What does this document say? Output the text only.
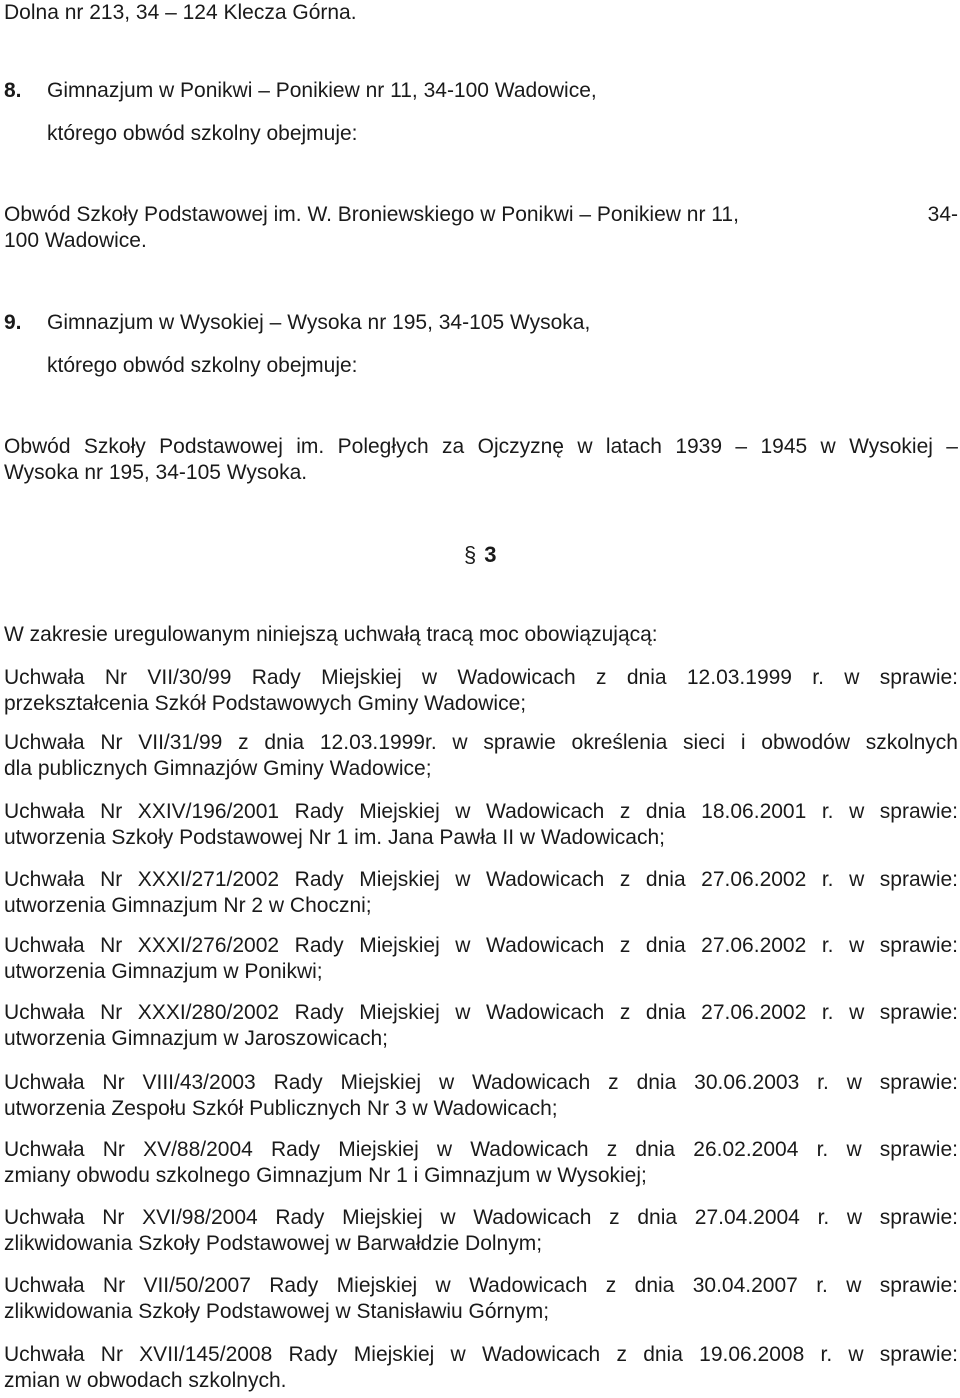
Dolna nr 213, 34 – 124 Klecza Górna.

8. Gimnazjum w Ponikwi – Ponikiew nr 11, 34-100 Wadowice,

którego obwód szkolny obejmuje:

Obwód Szkoły Podstawowej im. W. Broniewskiego w Ponikwi – Ponikiew nr 11,	34-

100 Wadowice.

9. Gimnazjum w Wysokiej – Wysoka nr 195, 34-105 Wysoka,

którego obwód szkolny obejmuje:

Obwód Szkoły Podstawowej im. Poległych za Ojczyznę w latach 1939 – 1945 w Wysokiej –

Wysoka nr 195, 34-105 Wysoka.

§ 3

W zakresie uregulowanym niniejszą uchwałą tracą moc obowiązującą:

Uchwała Nr VII/30/99 Rady Miejskiej w Wadowicach z dnia 12.03.1999 r. w sprawie:

przekształcenia Szkół Podstawowych Gminy Wadowice;

Uchwała Nr VII/31/99 z dnia 12.03.1999r. w sprawie określenia sieci i obwodów szkolnych

dla publicznych Gimnazjów Gminy Wadowice;

Uchwała Nr XXIV/196/2001 Rady Miejskiej w Wadowicach z dnia 18.06.2001 r. w sprawie:

utworzenia Szkoły Podstawowej Nr 1 im. Jana Pawła II w Wadowicach;

Uchwała Nr XXXI/271/2002 Rady Miejskiej w Wadowicach z dnia 27.06.2002 r. w sprawie:

utworzenia Gimnazjum Nr 2 w Choczni;

Uchwała Nr XXXI/276/2002 Rady Miejskiej w Wadowicach z dnia 27.06.2002 r. w sprawie:

utworzenia Gimnazjum w Ponikwi;

Uchwała Nr XXXI/280/2002 Rady Miejskiej w Wadowicach z dnia 27.06.2002 r. w sprawie:

utworzenia Gimnazjum w Jaroszowicach;

Uchwała Nr VIII/43/2003 Rady Miejskiej w Wadowicach z dnia 30.06.2003 r. w sprawie:

utworzenia Zespołu Szkół Publicznych Nr 3 w Wadowicach;

Uchwała Nr XV/88/2004 Rady Miejskiej w Wadowicach z dnia 26.02.2004 r. w sprawie:

zmiany obwodu szkolnego Gimnazjum Nr 1 i Gimnazjum w Wysokiej;

Uchwała Nr XVI/98/2004 Rady Miejskiej w Wadowicach z dnia 27.04.2004 r. w sprawie:

zlikwidowania Szkoły Podstawowej w Barwałdzie Dolnym;

Uchwała Nr VII/50/2007 Rady Miejskiej w Wadowicach z dnia 30.04.2007 r. w sprawie:

zlikwidowania Szkoły Podstawowej w Stanisławiu Górnym;

Uchwała Nr XVII/145/2008 Rady Miejskiej w Wadowicach z dnia 19.06.2008 r. w sprawie:

zmian w obwodach szkolnych.
